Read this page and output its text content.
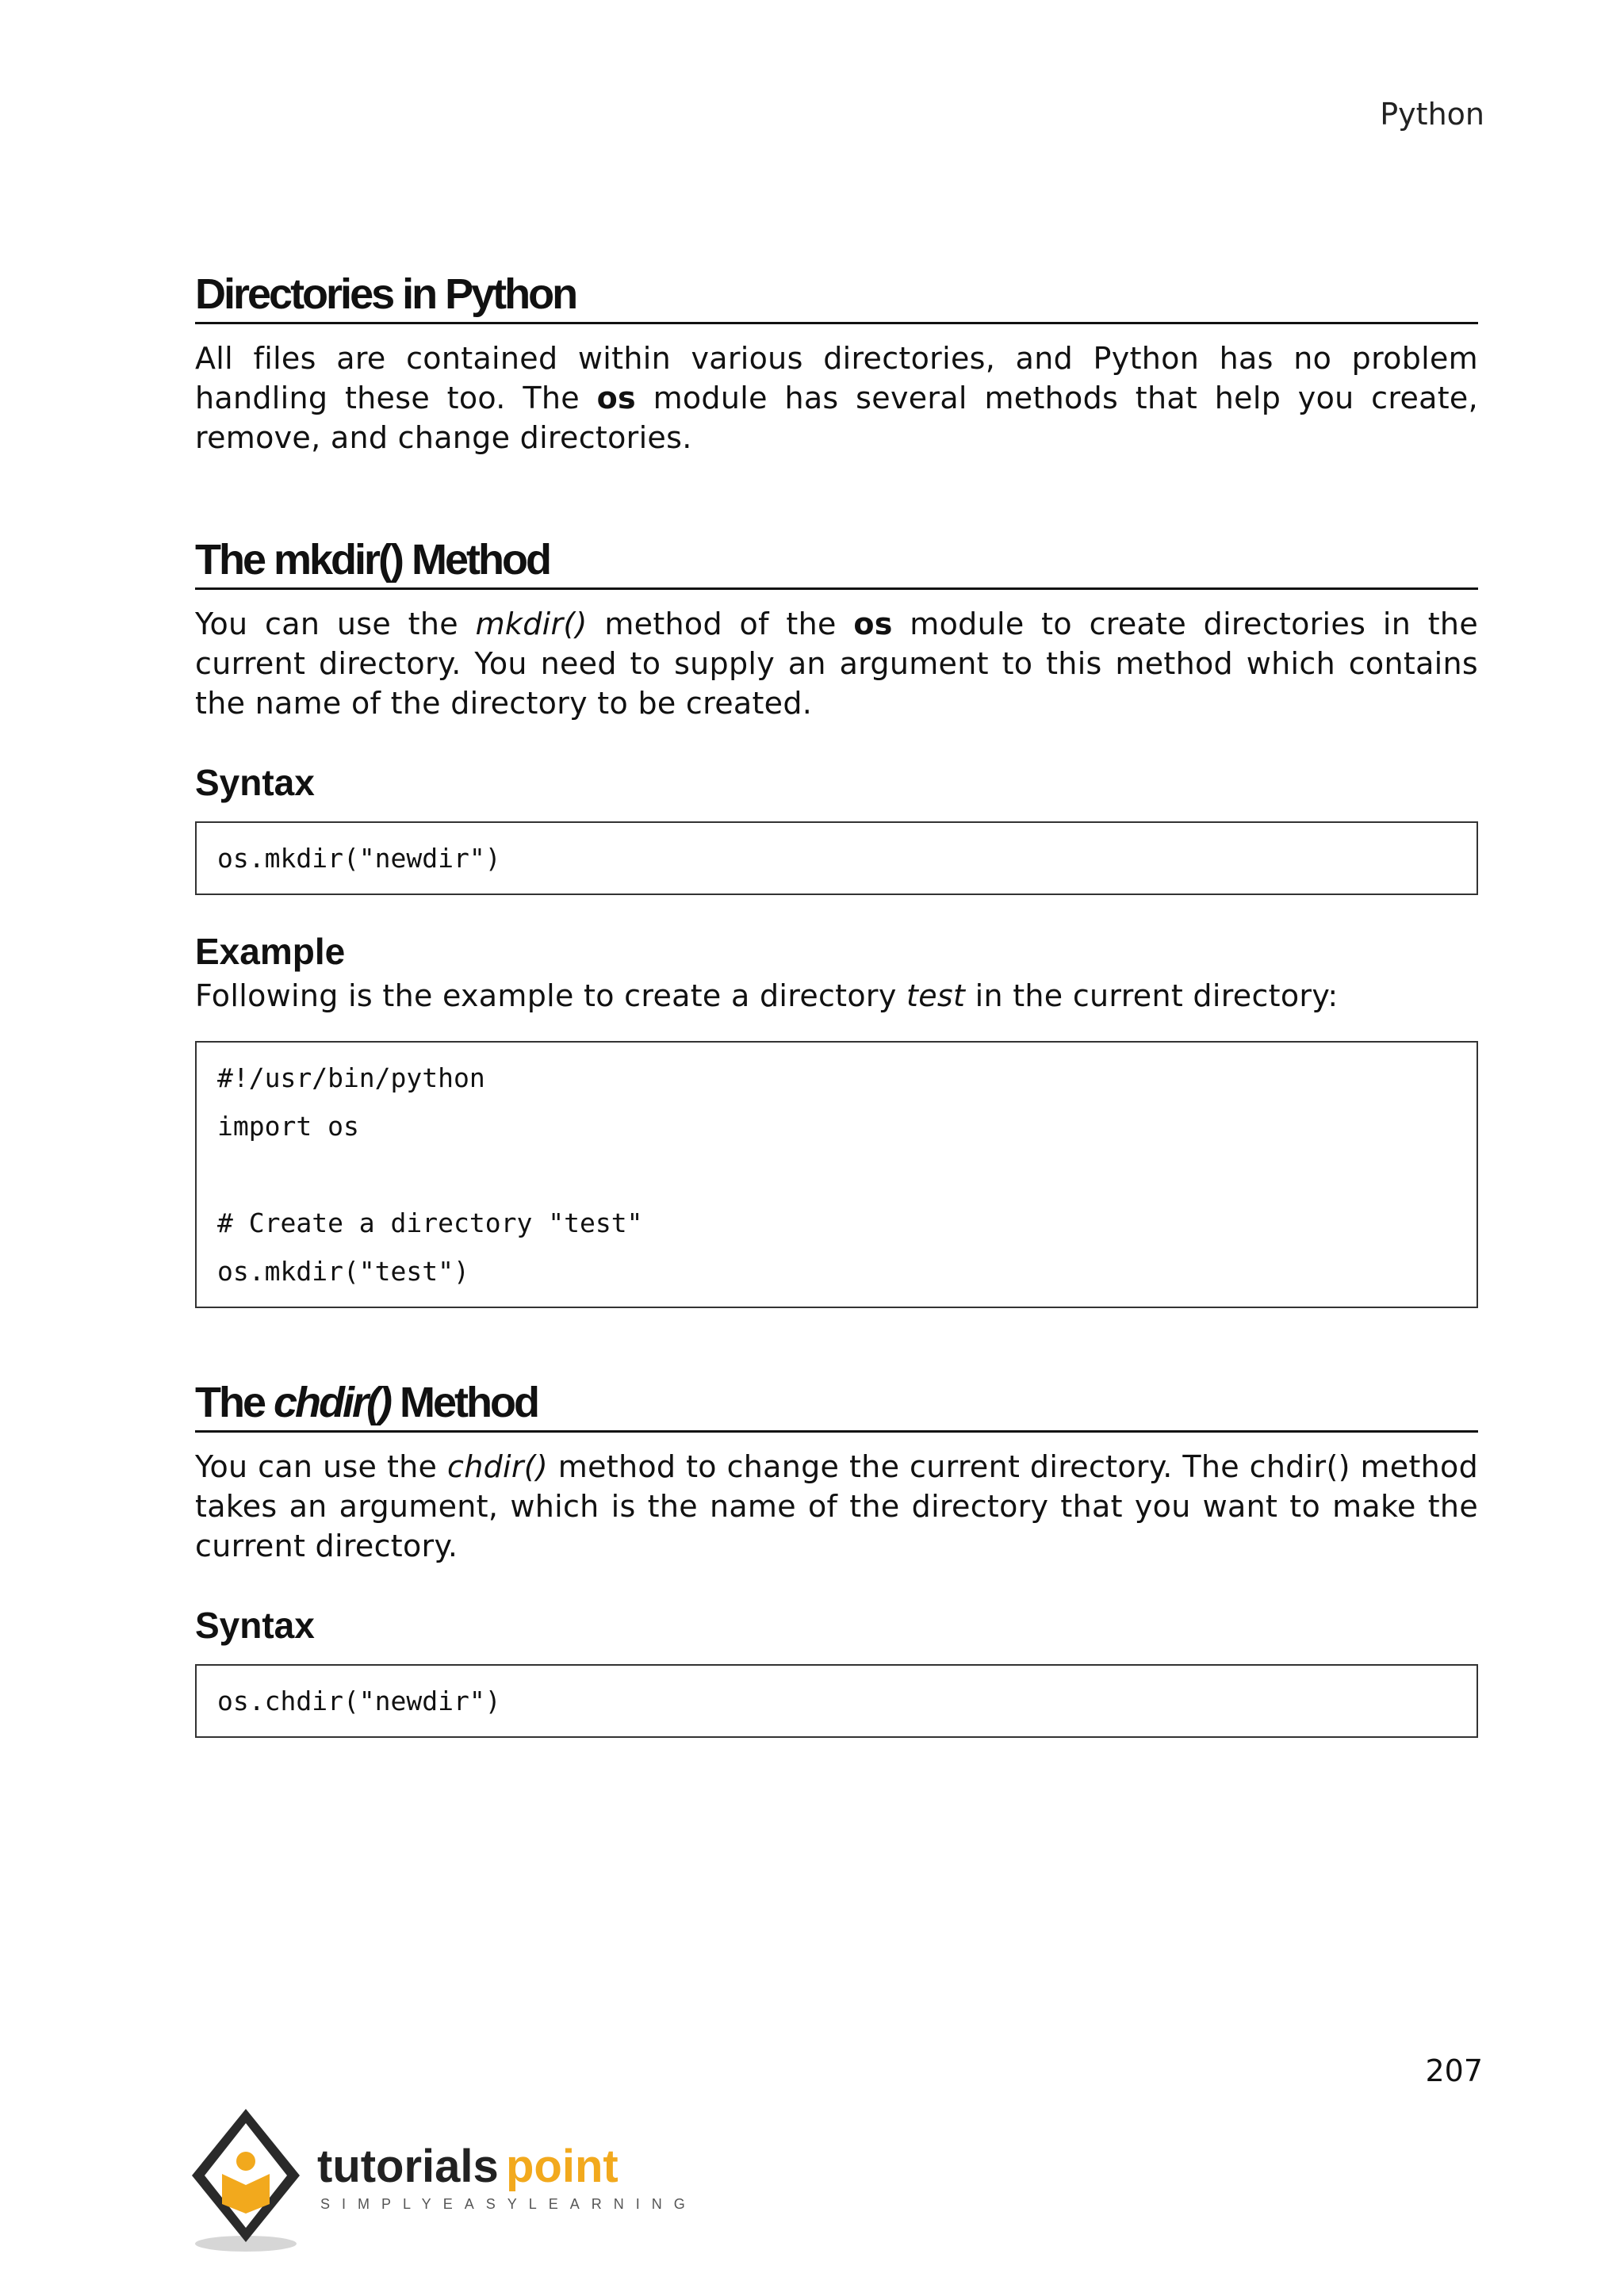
Python
Directories in Python

All files are contained within various directories, and Python has no problem handling these too. The os module has several methods that help you create, remove, and change directories.

The mkdir() Method

You can use the mkdir() method of the os module to create directories in the current directory. You need to supply an argument to this method which contains the name of the directory to be created.

Syntax
os.mkdir("newdir")
Example

Following is the example to create a directory test in the current directory:

#!/usr/bin/python
import os
# Create a directory "test"
os.mkdir("test")
The chdir() Method

You can use the chdir() method to change the current directory. The chdir() method takes an argument, which is the name of the directory that you want to make the current directory.

Syntax
os.chdir("newdir")
207
tutorials point
SIMPLYEASYLEARNING
